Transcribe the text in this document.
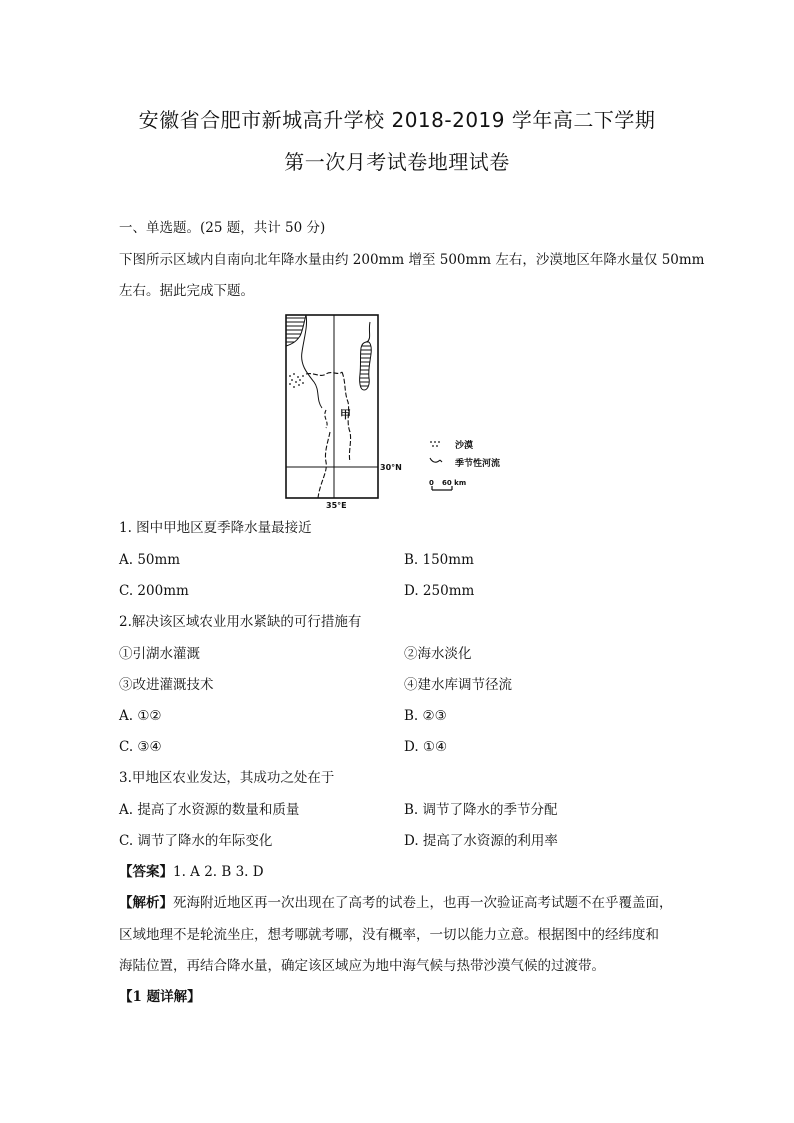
安徽省合肥市新城高升学校 2018-2019 学年高二下学期
第一次月考试卷地理试卷
一、单选题。(25 题，共计 50 分)
下图所示区域内自南向北年降水量由约 200mm 增至 500mm 左右，沙漠地区年降水量仅 50mm
左右。据此完成下题。
甲
30°N
35°E
沙漠
季节性河流
0 60 km
1. 图中甲地区夏季降水量最接近
A. 50mm	B. 150mm
C. 200mm	D. 250mm
2.解决该区域农业用水紧缺的可行措施有
①引湖水灌溉	②海水淡化
③改进灌溉技术	④建水库调节径流
A. ①②	B. ②③
C. ③④	D. ①④
3.甲地区农业发达，其成功之处在于
A. 提高了水资源的数量和质量	B. 调节了降水的季节分配
C. 调节了降水的年际变化	D. 提高了水资源的利用率
【答案】1. A 2. B 3. D
【解析】死海附近地区再一次出现在了高考的试卷上，也再一次验证高考试题不在乎覆盖面，
区域地理不是轮流坐庄，想考哪就考哪，没有概率，一切以能力立意。根据图中的经纬度和
海陆位置，再结合降水量，确定该区域应为地中海气候与热带沙漠气候的过渡带。
【1 题详解】
